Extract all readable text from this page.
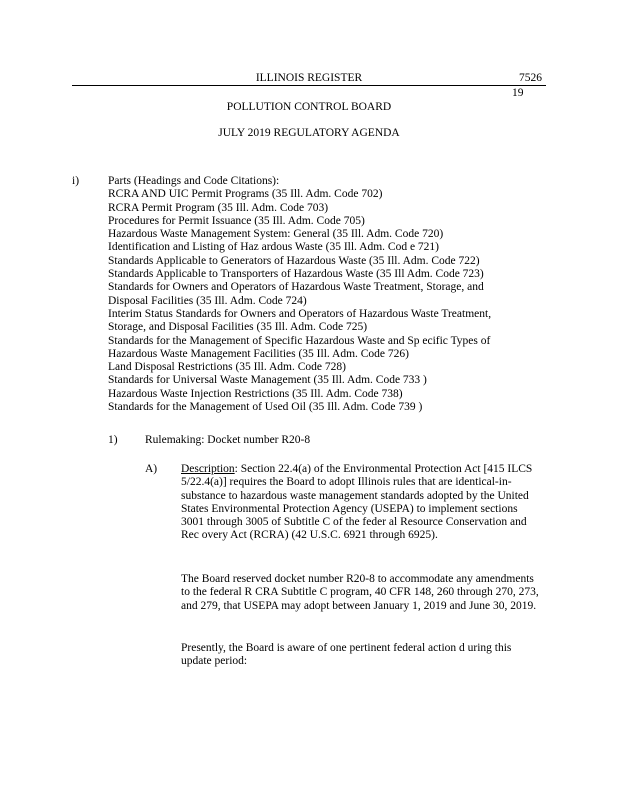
ILLINOIS REGISTER	7526
19
POLLUTION CONTROL BOARD
JULY 2019 REGULATORY AGENDA
i)	Parts (Headings and Code Citations):
RCRA AND UIC Permit Programs (35 Ill. Adm. Code 702)
RCRA Permit Program (35 Ill. Adm. Code 703)
Procedures for Permit Issuance (35 Ill. Adm. Code 705)
Hazardous Waste Management System: General (35 Ill. Adm. Code 720)
Identification and Listing of Haz ardous Waste (35 Ill. Adm. Cod e 721)
Standards Applicable to Generators of Hazardous Waste (35 Ill. Adm. Code 722)
Standards Applicable to Transporters of Hazardous Waste (35 Ill Adm. Code 723)
Standards for Owners and Operators of Hazardous Waste Treatment, Storage, and
Disposal Facilities (35 Ill. Adm. Code 724)
Interim Status Standards for Owners and Operators of Hazardous Waste Treatment,
Storage, and Disposal Facilities (35 Ill. Adm. Code 725)
Standards for the Management of Specific Hazardous Waste and Sp ecific Types of
Hazardous Waste Management Facilities (35 Ill. Adm. Code 726)
Land Disposal Restrictions (35 Ill. Adm. Code 728)
Standards for Universal Waste Management (35 Ill. Adm. Code 733 )
Hazardous Waste Injection Restrictions (35 Ill. Adm. Code 738)
Standards for the Management of Used Oil (35 Ill. Adm. Code 739 )
1) Rulemaking: Docket number R20-8
A) Description: Section 22.4(a) of the Environmental Protection Act [415 ILCS 5/22.4(a)] requires the Board to adopt Illinois rules that are identical-in-substance to hazardous waste management standards adopted by the United States Environmental Protection Agency (USEPA) to implement sections 3001 through 3005 of Subtitle C of the feder al Resource Conservation and Rec overy Act (RCRA) (42 U.S.C. 6921 through 6925).
The Board reserved docket number R20-8 to accommodate any amendments to the federal R CRA Subtitle C program, 40 CFR 148, 260 through 270, 273, and 279, that USEPA may adopt between January 1, 2019 and June 30, 2019.
Presently, the Board is aware of one pertinent federal action d uring this update period:
